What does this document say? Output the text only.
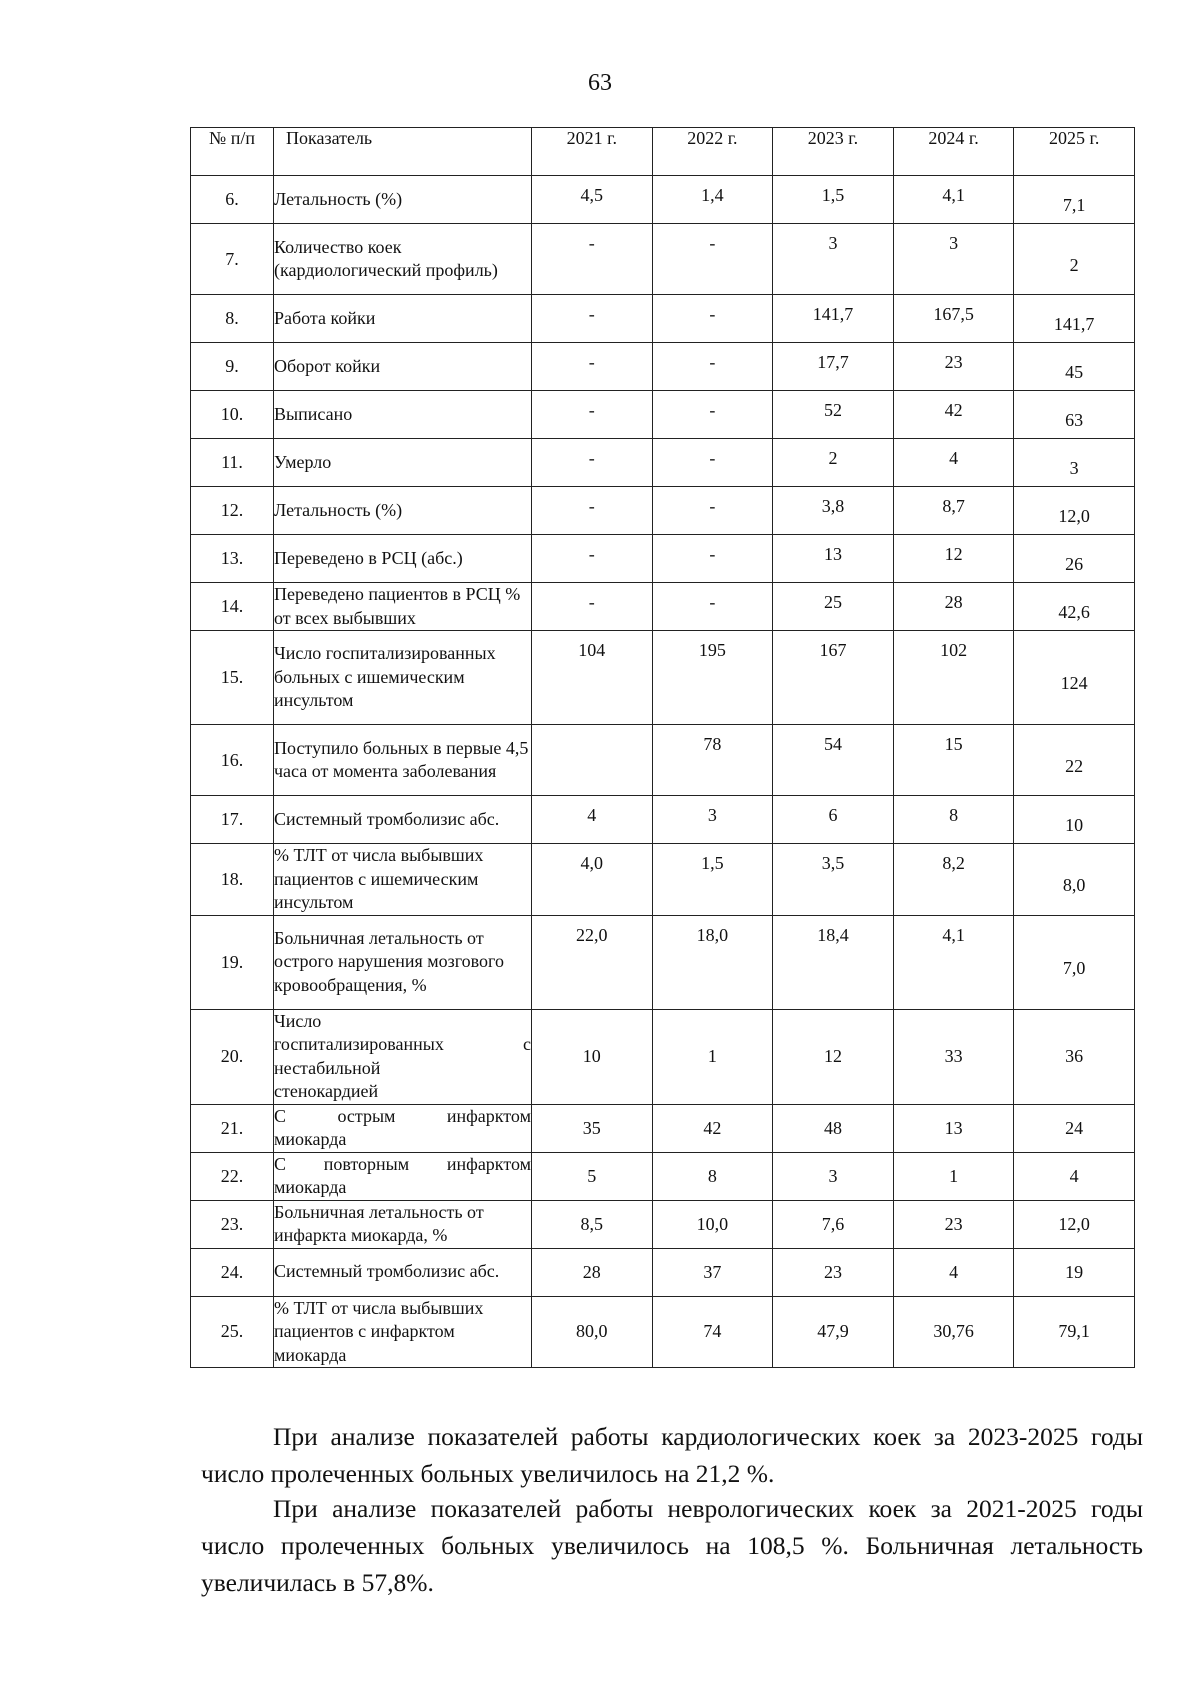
63
№ п/п	Показатель	2021 г.	2022 г.	2023 г.	2024 г.	2025 г.
6.	Летальность (%)	4,5	1,4	1,5	4,1	7,1
7.	Количество коек (кардиологический профиль)	-	-	3	3	2
8.	Работа койки	-	-	141,7	167,5	141,7
9.	Оборот койки	-	-	17,7	23	45
10.	Выписано	-	-	52	42	63
11.	Умерло	-	-	2	4	3
12.	Летальность (%)	-	-	3,8	8,7	12,0
13.	Переведено в РСЦ (абс.)	-	-	13	12	26
14.	Переведено пациентов в РСЦ % от всех выбывших	-	-	25	28	42,6
15.	Число госпитализированных больных с ишемическим инсультом	104	195	167	102	124
16.	Поступило больных в первые 4,5 часа от момента заболевания		78	54	15	22
17.	Системный тромболизис абс.	4	3	6	8	10
18.	% ТЛТ от числа выбывших пациентов с ишемическим инсультом	4,0	1,5	3,5	8,2	8,0
19.	Больничная летальность от острого нарушения мозгового кровообращения, %	22,0	18,0	18,4	4,1	7,0
20.	Число
госпитализированных с
нестабильной
стенокардией	10	1	12	33	36
21.	С острым инфарктом
миокарда	35	42	48	13	24
22.	С повторным инфарктом
миокарда	5	8	3	1	4
23.	Больничная летальность от инфаркта миокарда, %	8,5	10,0	7,6	23	12,0
24.	Системный тромболизис абс.	28	37	23	4	19
25.	% ТЛТ от числа выбывших пациентов с инфарктом миокарда	80,0	74	47,9	30,76	79,1

При анализе показателей работы кардиологических коек за 2023-2025 годы число пролеченных больных увеличилось на 21,2 %.

При анализе показателей работы неврологических коек за 2021-2025 годы число пролеченных больных увеличилось на 108,5 %. Больничная летальность увеличилась в 57,8%.
